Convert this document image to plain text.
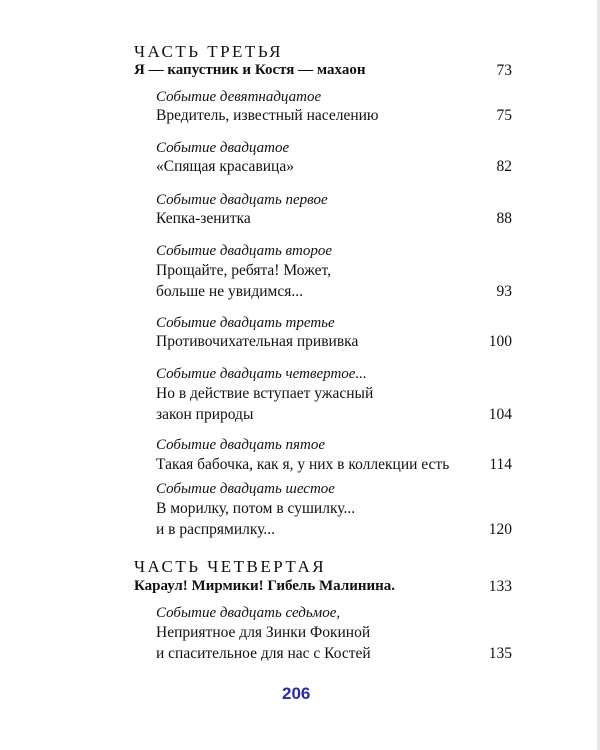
ЧАСТЬ ТРЕТЬЯ
Я — капустник и Костя — махаон	73
Событие девятнадцатое
Вредитель, известный населению	75
Событие двадцатое
«Спящая красавица»	82
Событие двадцать первое
Кепка-зенитка	88
Событие двадцать второе
Прощайте, ребята! Может,
больше не увидимся...	93
Событие двадцать третье
Противочихательная прививка	100
Событие двадцать четвертое...
Но в действие вступает ужасный
закон природы	104
Событие двадцать пятое
Такая бабочка, как я, у них в коллекции есть	114
Событие двадцать шестое
В морилку, потом в сушилку...
и в распрямилку...	120
ЧАСТЬ ЧЕТВЕРТАЯ
Караул! Мирмики! Гибель Малинина.	133
Событие двадцать седьмое,
Неприятное для Зинки Фокиной
и спасительное для нас с Костей	135
206
